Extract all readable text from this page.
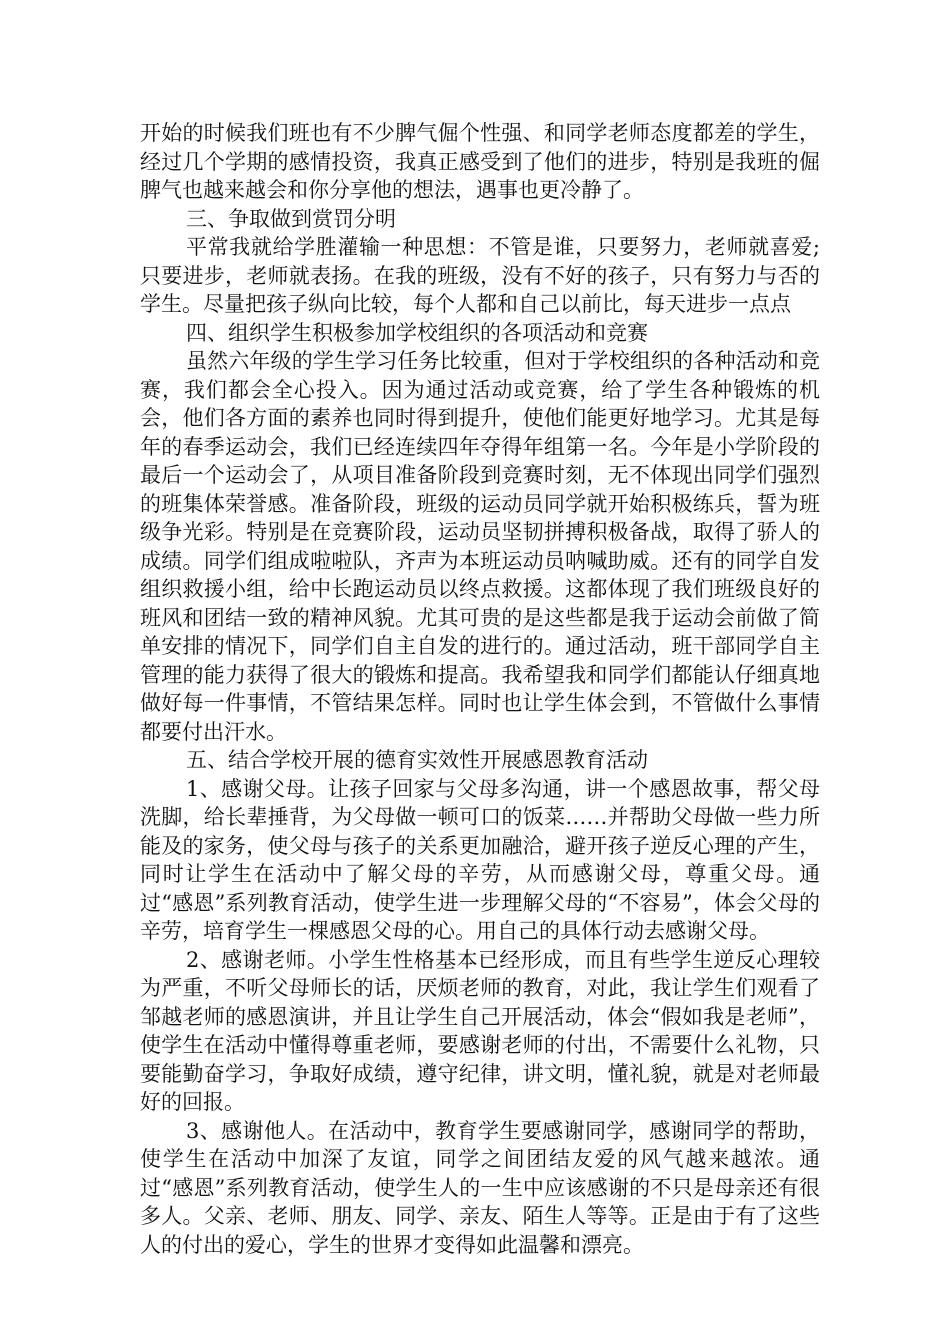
开始的时候我们班也有不少脾气倔个性强、和同学老师态度都差的学生，经过几个学期的感情投资，我真正感受到了他们的进步，特别是我班的倔脾气也越来越会和你分享他的想法，遇事也更冷静了。

三、争取做到赏罚分明

平常我就给学胜灌输一种思想：不管是谁，只要努力，老师就喜爱;只要进步，老师就表扬。在我的班级，没有不好的孩子，只有努力与否的学生。尽量把孩子纵向比较，每个人都和自己以前比，每天进步一点点

四、组织学生积极参加学校组织的各项活动和竞赛

虽然六年级的学生学习任务比较重，但对于学校组织的各种活动和竞赛，我们都会全心投入。因为通过活动或竞赛，给了学生各种锻炼的机会，他们各方面的素养也同时得到提升，使他们能更好地学习。尤其是每年的春季运动会，我们已经连续四年夺得年组第一名。今年是小学阶段的最后一个运动会了，从项目准备阶段到竞赛时刻，无不体现出同学们强烈的班集体荣誉感。准备阶段，班级的运动员同学就开始积极练兵，誓为班级争光彩。特别是在竞赛阶段，运动员坚韧拼搏积极备战，取得了骄人的成绩。同学们组成啦啦队，齐声为本班运动员呐喊助威。还有的同学自发组织救援小组，给中长跑运动员以终点救援。这都体现了我们班级良好的班风和团结一致的精神风貌。尤其可贵的是这些都是我于运动会前做了简单安排的情况下，同学们自主自发的进行的。通过活动，班干部同学自主管理的能力获得了很大的锻炼和提高。我希望我和同学们都能认仔细真地做好每一件事情，不管结果怎样。同时也让学生体会到，不管做什么事情都要付出汗水。

五、结合学校开展的德育实效性开展感恩教育活动

1、感谢父母。让孩子回家与父母多沟通，讲一个感恩故事，帮父母洗脚，给长辈捶背，为父母做一顿可口的饭菜……并帮助父母做一些力所能及的家务，使父母与孩子的关系更加融洽，避开孩子逆反心理的产生，同时让学生在活动中了解父母的辛劳，从而感谢父母，尊重父母。通过“感恩”系列教育活动，使学生进一步理解父母的“不容易”，体会父母的辛劳，培育学生一棵感恩父母的心。用自己的具体行动去感谢父母。

2、感谢老师。小学生性格基本已经形成，而且有些学生逆反心理较为严重，不听父母师长的话，厌烦老师的教育，对此，我让学生们观看了邹越老师的感恩演讲，并且让学生自己开展活动，体会“假如我是老师”，使学生在活动中懂得尊重老师，要感谢老师的付出，不需要什么礼物，只要能勤奋学习，争取好成绩，遵守纪律，讲文明，懂礼貌，就是对老师最好的回报。

3、感谢他人。在活动中，教育学生要感谢同学，感谢同学的帮助，使学生在活动中加深了友谊，同学之间团结友爱的风气越来越浓。通过“感恩”系列教育活动，使学生人的一生中应该感谢的不只是母亲还有很多人。父亲、老师、朋友、同学、亲友、陌生人等等。正是由于有了这些人的付出的爱心，学生的世界才变得如此温馨和漂亮。
